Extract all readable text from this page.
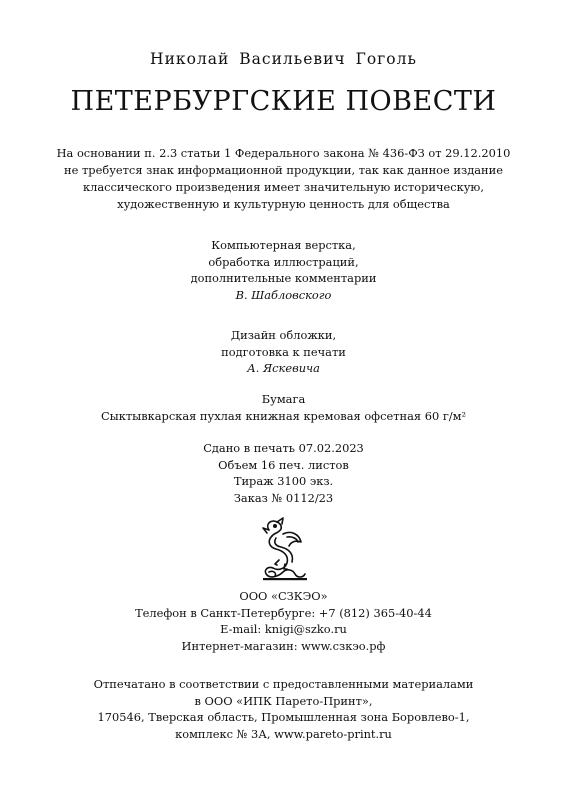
Николай Васильевич Гоголь
ПЕТЕРБУРГСКИЕ ПОВЕСТИ
На основании п. 2.3 статьи 1 Федерального закона № 436-ФЗ от 29.12.2010
не требуется знак информационной продукции, так как данное издание
классического произведения имеет значительную историческую,
художественную и культурную ценность для общества
Компьютерная верстка,
обработка иллюстраций,
дополнительные комментарии
В. Шабловского
Дизайн обложки,
подготовка к печати
А. Яскевича
Бумага
Сыктывкарская пухлая книжная кремовая офсетная 60 г/м²
Сдано в печать 07.02.2023
Объем 16 печ. листов
Тираж 3100 экз.
Заказ № 0112/23
ООО «СЗКЭО»
Телефон в Санкт-Петербурге: +7 (812) 365-40-44
E-mail: knigi@szko.ru
Интернет-магазин: www.сзкэо.рф
Отпечатано в соответствии с предоставленными материалами
в ООО «ИПК Парето-Принт»,
170546, Тверская область, Промышленная зона Боровлево-1,
комплекс № 3А, www.pareto-print.ru
